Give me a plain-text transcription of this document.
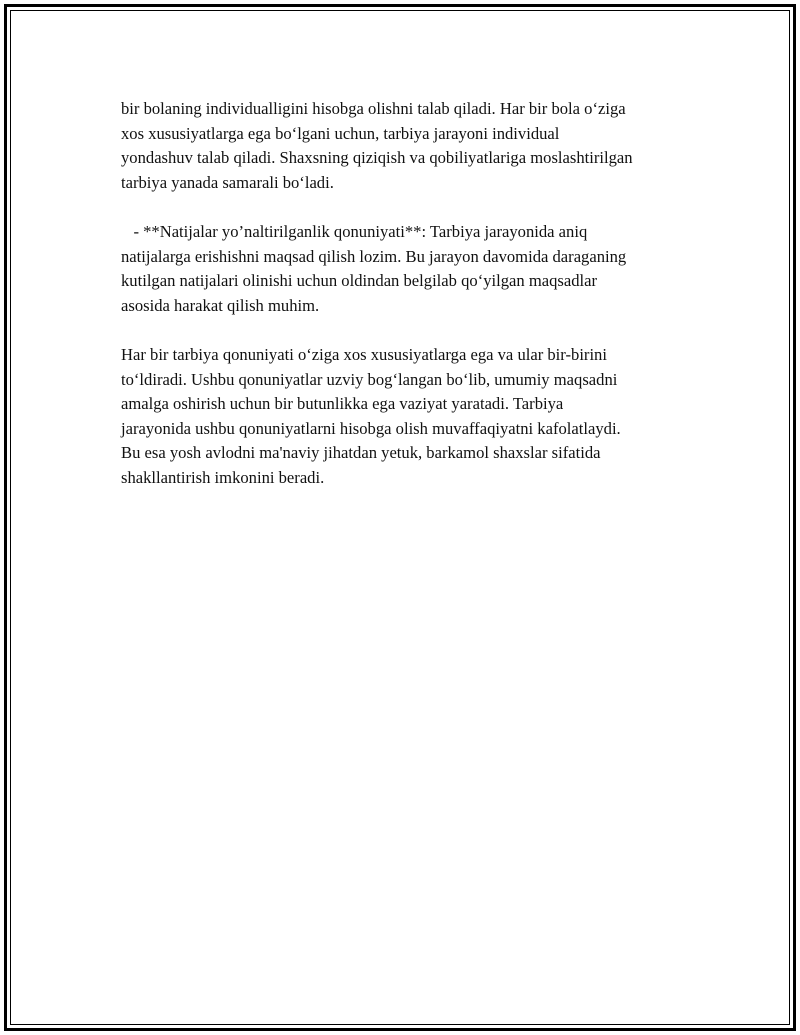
bir bolaning individualligini hisobga olishni talab qiladi. Har bir bola o‘ziga
xos xususiyatlarga ega bo‘lgani uchun, tarbiya jarayoni individual
yondashuv talab qiladi. Shaxsning qiziqish va qobiliyatlariga moslashtirilgan
tarbiya yanada samarali bo‘ladi.

- **Natijalar yo’naltirilganlik qonuniyati**: Tarbiya jarayonida aniq
natijalarga erishishni maqsad qilish lozim. Bu jarayon davomida daraganing
kutilgan natijalari olinishi uchun oldindan belgilab qo‘yilgan maqsadlar
asosida harakat qilish muhim.

Har bir tarbiya qonuniyati o‘ziga xos xususiyatlarga ega va ular bir-birini
to‘ldiradi. Ushbu qonuniyatlar uzviy bog‘langan bo‘lib, umumiy maqsadni
amalga oshirish uchun bir butunlikka ega vaziyat yaratadi. Tarbiya
jarayonida ushbu qonuniyatlarni hisobga olish muvaffaqiyatni kafolatlaydi.
Bu esa yosh avlodni ma'naviy jihatdan yetuk, barkamol shaxslar sifatida
shakllantirish imkonini beradi.
